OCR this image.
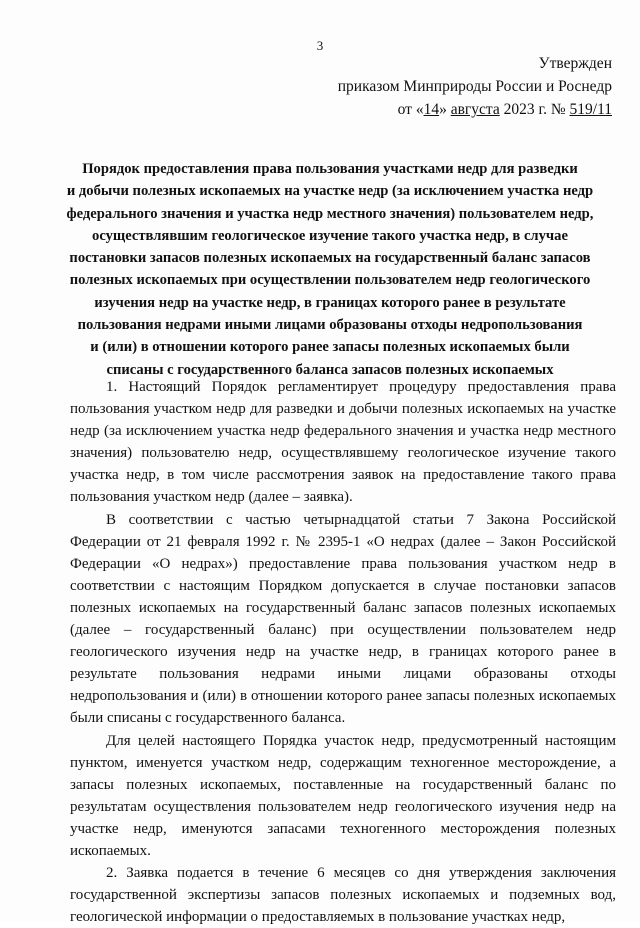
3
Утвержден
приказом Минприроды России и Роснедр
от «14» августа 2023 г. № 519/11
Порядок предоставления права пользования участками недр для разведки
и добычи полезных ископаемых на участке недр (за исключением участка недр
федерального значения и участка недр местного значения) пользователем недр,
осуществлявшим геологическое изучение такого участка недр, в случае
постановки запасов полезных ископаемых на государственный баланс запасов
полезных ископаемых при осуществлении пользователем недр геологического
изучения недр на участке недр, в границах которого ранее в результате
пользования недрами иными лицами образованы отходы недропользования
и (или) в отношении которого ранее запасы полезных ископаемых были
списаны с государственного баланса запасов полезных ископаемых

1. Настоящий Порядок регламентирует процедуру предоставления права пользования участком недр для разведки и добычи полезных ископаемых на участке недр (за исключением участка недр федерального значения и участка недр местного значения) пользователю недр, осуществлявшему геологическое изучение такого участка недр, в том числе рассмотрения заявок на предоставление такого права пользования участком недр (далее – заявка).

В соответствии с частью четырнадцатой статьи 7 Закона Российской Федерации от 21 февраля 1992 г. № 2395-1 «О недрах (далее – Закон Российской Федерации «О недрах») предоставление права пользования участком недр в соответствии с настоящим Порядком допускается в случае постановки запасов полезных ископаемых на государственный баланс запасов полезных ископаемых (далее – государственный баланс) при осуществлении пользователем недр геологического изучения недр на участке недр, в границах которого ранее в результате пользования недрами иными лицами образованы отходы недропользования и (или) в отношении которого ранее запасы полезных ископаемых были списаны с государственного баланса.

Для целей настоящего Порядка участок недр, предусмотренный настоящим пунктом, именуется участком недр, содержащим техногенное месторождение, а запасы полезных ископаемых, поставленные на государственный баланс по результатам осуществления пользователем недр геологического изучения недр на участке недр, именуются запасами техногенного месторождения полезных ископаемых.

2. Заявка подается в течение 6 месяцев со дня утверждения заключения государственной экспертизы запасов полезных ископаемых и подземных вод, геологической информации о предоставляемых в пользование участках недр,
